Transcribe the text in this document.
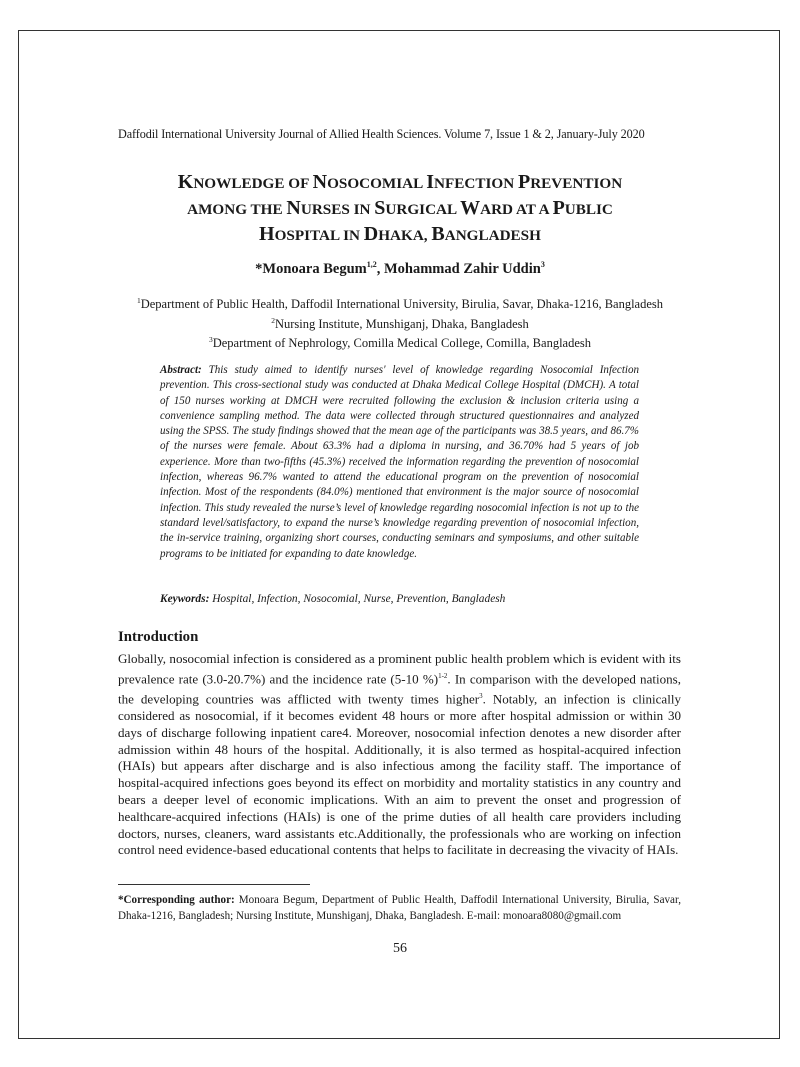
Daffodil International University Journal of Allied Health Sciences. Volume 7, Issue 1 & 2, January-July 2020
KNOWLEDGE OF NOSOCOMIAL INFECTION PREVENTION
AMONG THE NURSES IN SURGICAL WARD AT A PUBLIC
HOSPITAL IN DHAKA, BANGLADESH
*Monoara Begum$^{1,2}$, Mohammad Zahir Uddin$^3$
$^1$Department of Public Health, Daffodil International University, Birulia, Savar, Dhaka-1216, Bangladesh
$^2$Nursing Institute, Munshiganj, Dhaka, Bangladesh
$^3$Department of Nephrology, Comilla Medical College, Comilla, Bangladesh
Abstract: This study aimed to identify nurses' level of knowledge regarding Nosocomial Infection prevention. This cross-sectional study was conducted at Dhaka Medical College Hospital (DMCH). A total of 150 nurses working at DMCH were recruited following the exclusion & inclusion criteria using a convenience sampling method. The data were collected through structured questionnaires and analyzed using the SPSS. The study findings showed that the mean age of the participants was 38.5 years, and 86.7% of the nurses were female. About 63.3% had a diploma in nursing, and 36.70% had 5 years of job experience. More than two-fifths (45.3%) received the information regarding the prevention of nosocomial infection, whereas 96.7% wanted to attend the educational program on the prevention of nosocomial infection. Most of the respondents (84.0%) mentioned that environment is the major source of nosocomial infection. This study revealed the nurse’s level of knowledge regarding nosocomial infection is not up to the standard level/satisfactory, to expand the nurse’s knowledge regarding prevention of nosocomial infection, the in-service training, organizing short courses, conducting seminars and symposiums, and other suitable programs to be initiated for expanding to date knowledge.
Keywords: Hospital, Infection, Nosocomial, Nurse, Prevention, Bangladesh
Introduction
Globally, nosocomial infection is considered as a prominent public health problem which is evident with its prevalence rate (3.0-20.7%) and the incidence rate (5-10 %)$^{1-2}$. In comparison with the developed nations, the developing countries was afflicted with twenty times higher$^3$. Notably, an infection is clinically considered as nosocomial, if it becomes evident 48 hours or more after hospital admission or within 30 days of discharge following inpatient care4. Moreover, nosocomial infection denotes a new disorder after admission within 48 hours of the hospital. Additionally, it is also termed as hospital-acquired infection (HAIs) but appears after discharge and is also infectious among the facility staff. The importance of hospital-acquired infections goes beyond its effect on morbidity and mortality statistics in any country and bears a deeper level of economic implications. With an aim to prevent the onset and progression of healthcare-acquired infections (HAIs) is one of the prime duties of all health care providers including doctors, nurses, cleaners, ward assistants etc.Additionally, the professionals who are working on infection control need evidence-based educational contents that helps to facilitate in decreasing the vivacity of HAIs.
*Corresponding author: Monoara Begum, Department of Public Health, Daffodil International University, Birulia, Savar, Dhaka-1216, Bangladesh; Nursing Institute, Munshiganj, Dhaka, Bangladesh. E-mail: monoara8080@gmail.com
56
